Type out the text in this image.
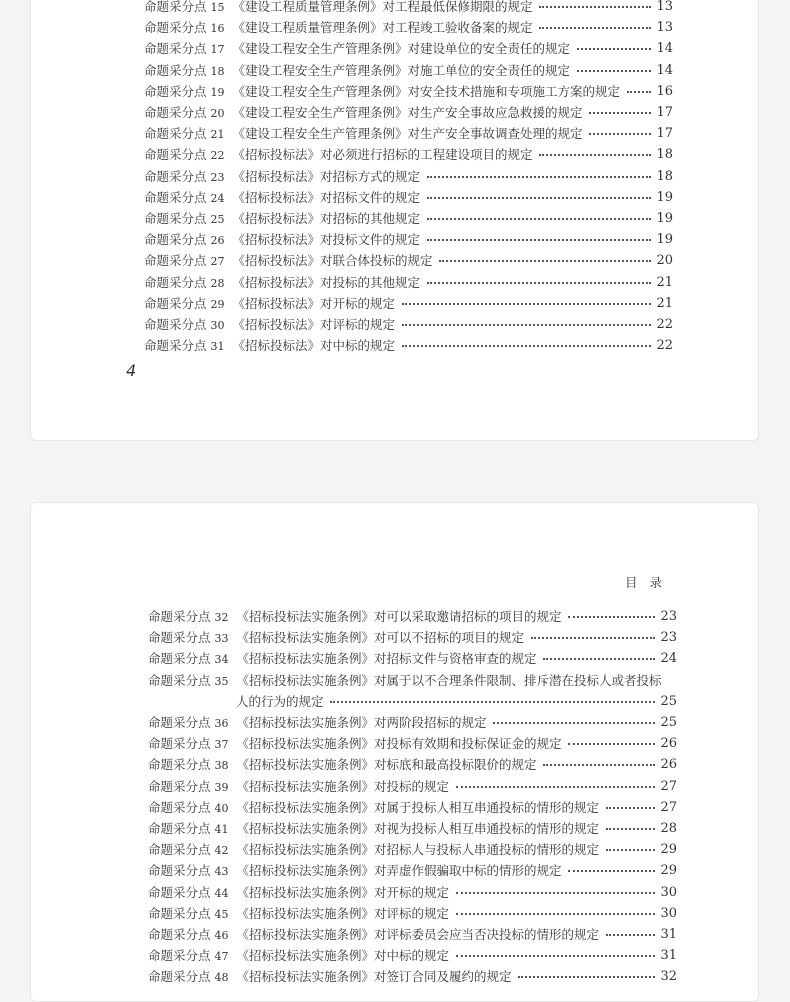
命题采分点 15 《建设工程质量管理条例》对工程最低保修期限的规定	13
命题采分点 16 《建设工程质量管理条例》对工程竣工验收备案的规定	13
命题采分点 17 《建设工程安全生产管理条例》对建设单位的安全责任的规定	14
命题采分点 18 《建设工程安全生产管理条例》对施工单位的安全责任的规定	14
命题采分点 19 《建设工程安全生产管理条例》对安全技术措施和专项施工方案的规定	16
命题采分点 20 《建设工程安全生产管理条例》对生产安全事故应急救援的规定	17
命题采分点 21 《建设工程安全生产管理条例》对生产安全事故调查处理的规定	17
命题采分点 22 《招标投标法》对必须进行招标的工程建设项目的规定	18
命题采分点 23 《招标投标法》对招标方式的规定	18
命题采分点 24 《招标投标法》对招标文件的规定	19
命题采分点 25 《招标投标法》对招标的其他规定	19
命题采分点 26 《招标投标法》对投标文件的规定	19
命题采分点 27 《招标投标法》对联合体投标的规定	20
命题采分点 28 《招标投标法》对投标的其他规定	21
命题采分点 29 《招标投标法》对开标的规定	21
命题采分点 30 《招标投标法》对评标的规定	22
命题采分点 31 《招标投标法》对中标的规定	22
4
目录
命题采分点 32 《招标投标法实施条例》对可以采取邀请招标的项目的规定	23
命题采分点 33 《招标投标法实施条例》对可以不招标的项目的规定	23
命题采分点 34 《招标投标法实施条例》对招标文件与资格审查的规定	24
命题采分点 35 《招标投标法实施条例》对属于以不合理条件限制、排斥潜在投标人或者投标
人的行为的规定	25
命题采分点 36 《招标投标法实施条例》对两阶段招标的规定	25
命题采分点 37 《招标投标法实施条例》对投标有效期和投标保证金的规定	26
命题采分点 38 《招标投标法实施条例》对标底和最高投标限价的规定	26
命题采分点 39 《招标投标法实施条例》对投标的规定	27
命题采分点 40 《招标投标法实施条例》对属于投标人相互串通投标的情形的规定	27
命题采分点 41 《招标投标法实施条例》对视为投标人相互串通投标的情形的规定	28
命题采分点 42 《招标投标法实施条例》对招标人与投标人串通投标的情形的规定	29
命题采分点 43 《招标投标法实施条例》对弄虚作假骗取中标的情形的规定	29
命题采分点 44 《招标投标法实施条例》对开标的规定	30
命题采分点 45 《招标投标法实施条例》对评标的规定	30
命题采分点 46 《招标投标法实施条例》对评标委员会应当否决投标的情形的规定	31
命题采分点 47 《招标投标法实施条例》对中标的规定	31
命题采分点 48 《招标投标法实施条例》对签订合同及履约的规定	32
